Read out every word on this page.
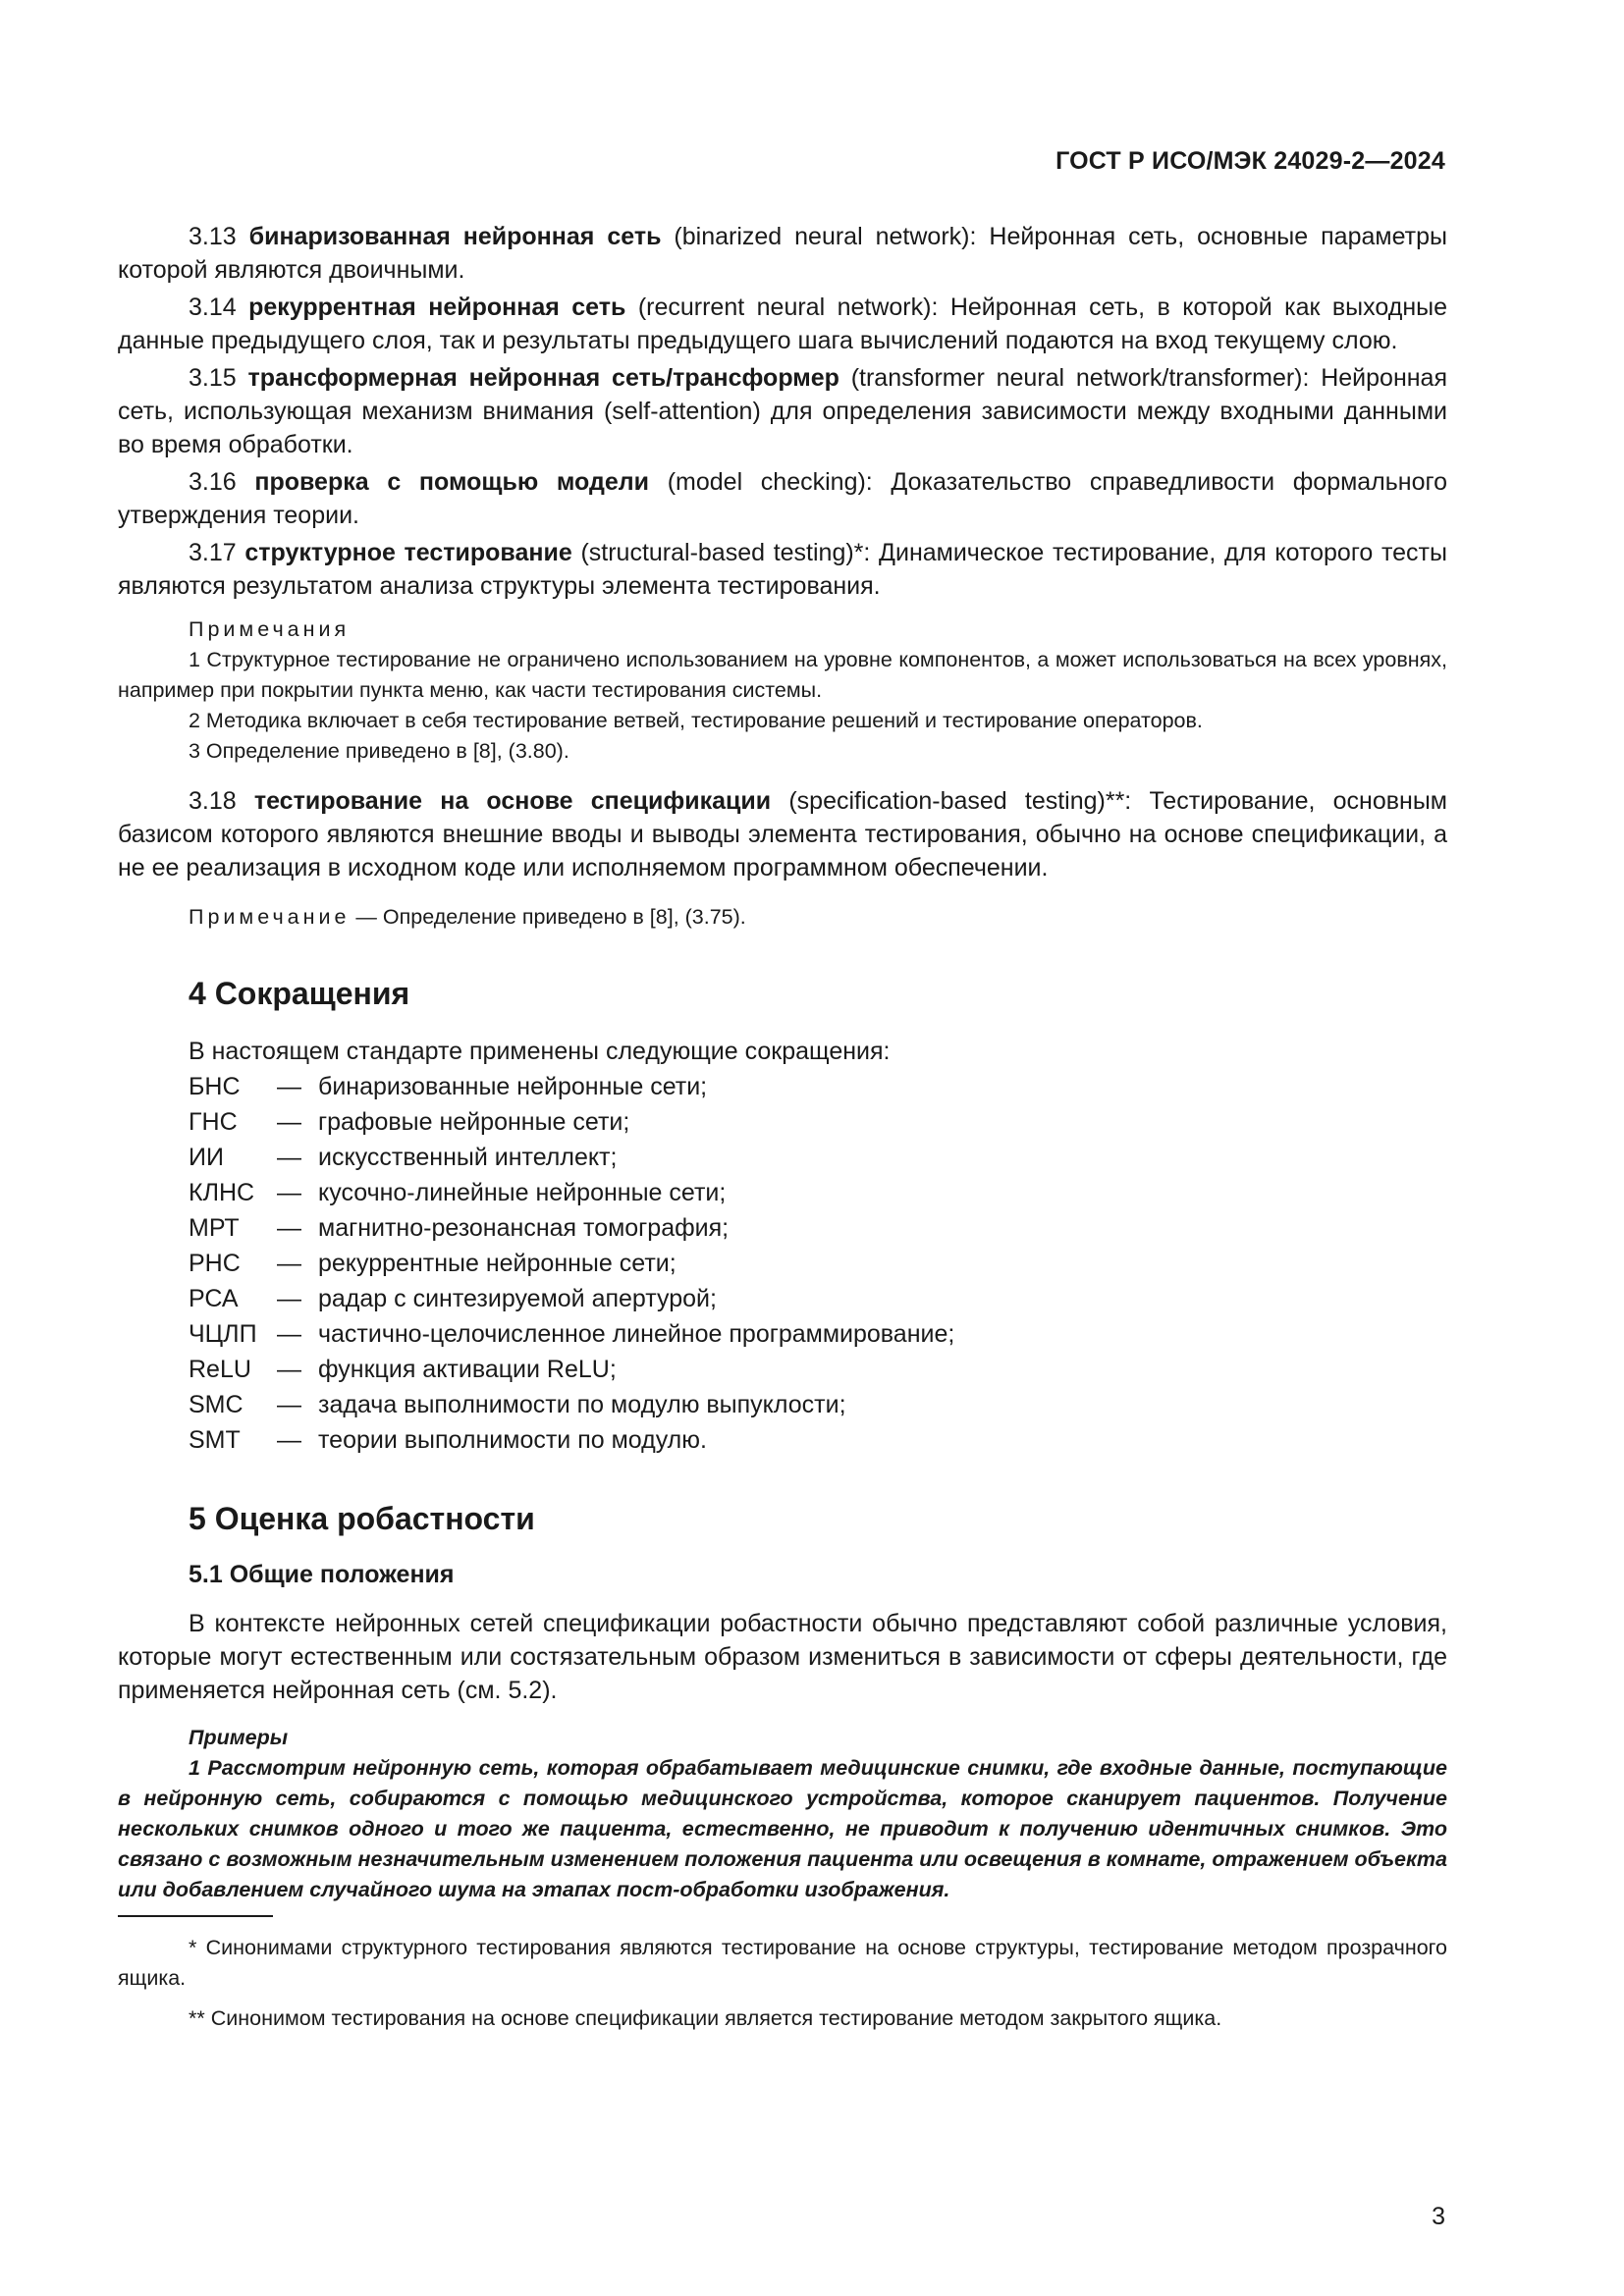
ГОСТ Р ИСО/МЭК 24029-2—2024

3.13 бинаризованная нейронная сеть (binarized neural network): Нейронная сеть, основные параметры которой являются двоичными.

3.14 рекуррентная нейронная сеть (recurrent neural network): Нейронная сеть, в которой как выходные данные предыдущего слоя, так и результаты предыдущего шага вычислений подаются на вход текущему слою.

3.15 трансформерная нейронная сеть/трансформер (transformer neural network/transformer): Нейронная сеть, использующая механизм внимания (self-attention) для определения зависимости между входными данными во время обработки.

3.16 проверка с помощью модели (model checking): Доказательство справедливости формального утверждения теории.

3.17 структурное тестирование (structural-based testing)*: Динамическое тестирование, для которого тесты являются результатом анализа структуры элемента тестирования.

Примечания

1 Структурное тестирование не ограничено использованием на уровне компонентов, а может использоваться на всех уровнях, например при покрытии пункта меню, как части тестирования системы.

2 Методика включает в себя тестирование ветвей, тестирование решений и тестирование операторов.

3 Определение приведено в [8], (3.80).

3.18 тестирование на основе спецификации (specification-based testing)**: Тестирование, основным базисом которого являются внешние вводы и выводы элемента тестирования, обычно на основе спецификации, а не ее реализация в исходном коде или исполняемом программном обеспечении.

Примечание — Определение приведено в [8], (3.75).

4 Сокращения

В настоящем стандарте применены следующие сокращения:

БНС	— бинаризованные нейронные сети;
ГНС	— графовые нейронные сети;
ИИ	— искусственный интеллект;
КЛНС — кусочно-линейные нейронные сети;
МРТ	— магнитно-резонансная томография;
РНС	— рекуррентные нейронные сети;
РСА	— радар с синтезируемой апертурой;
ЧЦЛП — частично-целочисленное линейное программирование;
ReLU	— функция активации ReLU;
SMC	— задача выполнимости по модулю выпуклости;
SMT	— теории выполнимости по модулю.
5 Оценка робастности
5.1 Общие положения

В контексте нейронных сетей спецификации робастности обычно представляют собой различные условия, которые могут естественным или состязательным образом измениться в зависимости от сферы деятельности, где применяется нейронная сеть (см. 5.2).

Примеры

1 Рассмотрим нейронную сеть, которая обрабатывает медицинские снимки, где входные данные, поступающие в нейронную сеть, собираются с помощью медицинского устройства, которое сканирует пациентов. Получение нескольких снимков одного и того же пациента, естественно, не приводит к получению идентичных снимков. Это связано с возможным незначительным изменением положения пациента или освещения в комнате, отражением объекта или добавлением случайного шума на этапах пост-обработки изображения.

* Синонимами структурного тестирования являются тестирование на основе структуры, тестирование методом прозрачного ящика.

** Синонимом тестирования на основе спецификации является тестирование методом закрытого ящика.

3
